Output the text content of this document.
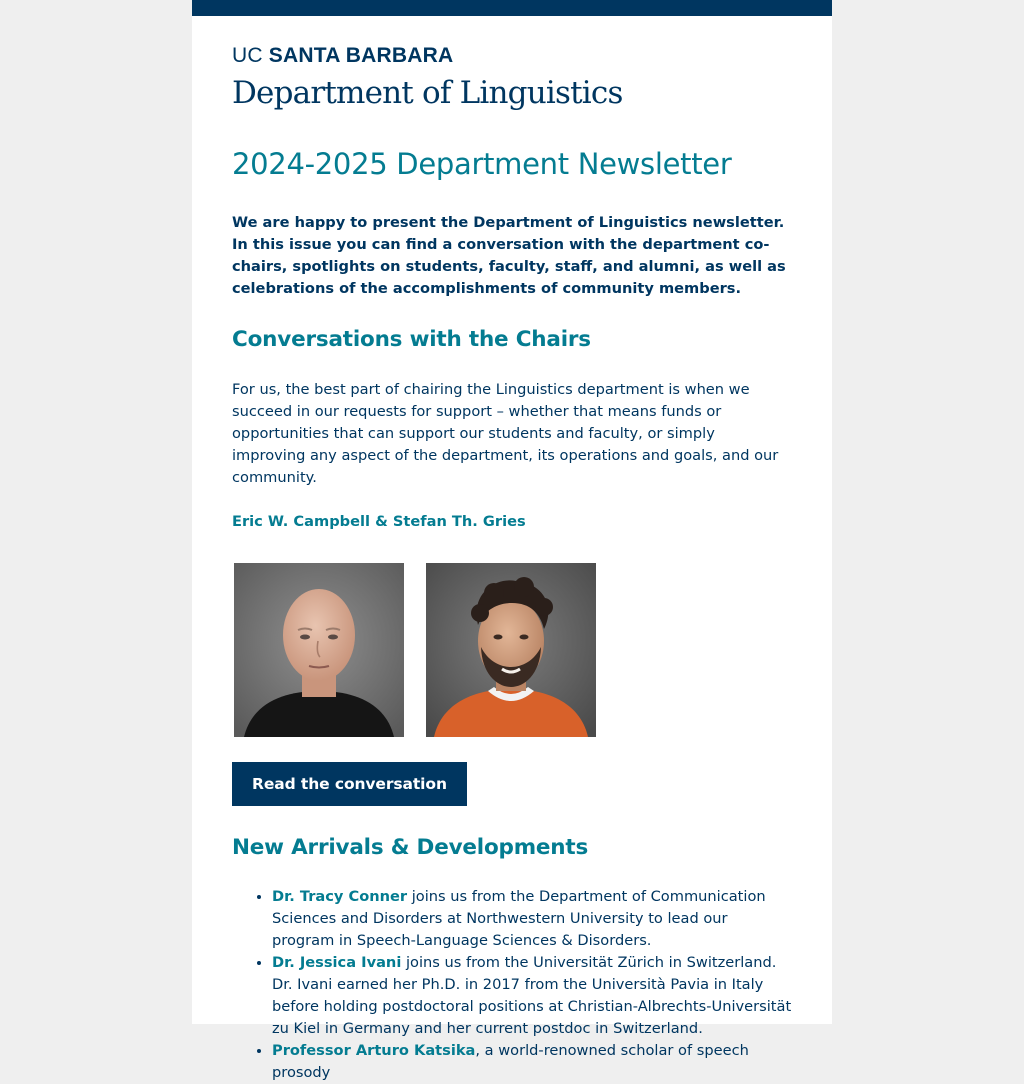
UC SANTA BARBARA
Department of Linguistics
2024-2025 Department Newsletter

We are happy to present the Department of Linguistics newsletter. In this issue you can find a conversation with the department co-chairs, spotlights on students, faculty, staff, and alumni, as well as celebrations of the accomplishments of community members.

Conversations with the Chairs

For us, the best part of chairing the Linguistics department is when we succeed in our requests for support – whether that means funds or opportunities that can support our students and faculty, or simply improving any aspect of the department, its operations and goals, and our community.

Eric W. Campbell & Stefan Th. Gries

Read the conversation
New Arrivals & Developments
• Dr. Tracy Conner joins us from the Department of Communication Sciences and Disorders at Northwestern University to lead our program in Speech-Language Sciences & Disorders.
• Dr. Jessica Ivani joins us from the Universität Zürich in Switzerland. Dr. Ivani earned her Ph.D. in 2017 from the Università Pavia in Italy before holding postdoctoral positions at Christian-Albrechts-Universität zu Kiel in Germany and her current postdoc in Switzerland.
• Professor Arturo Katsika, a world-renowned scholar of speech prosody
